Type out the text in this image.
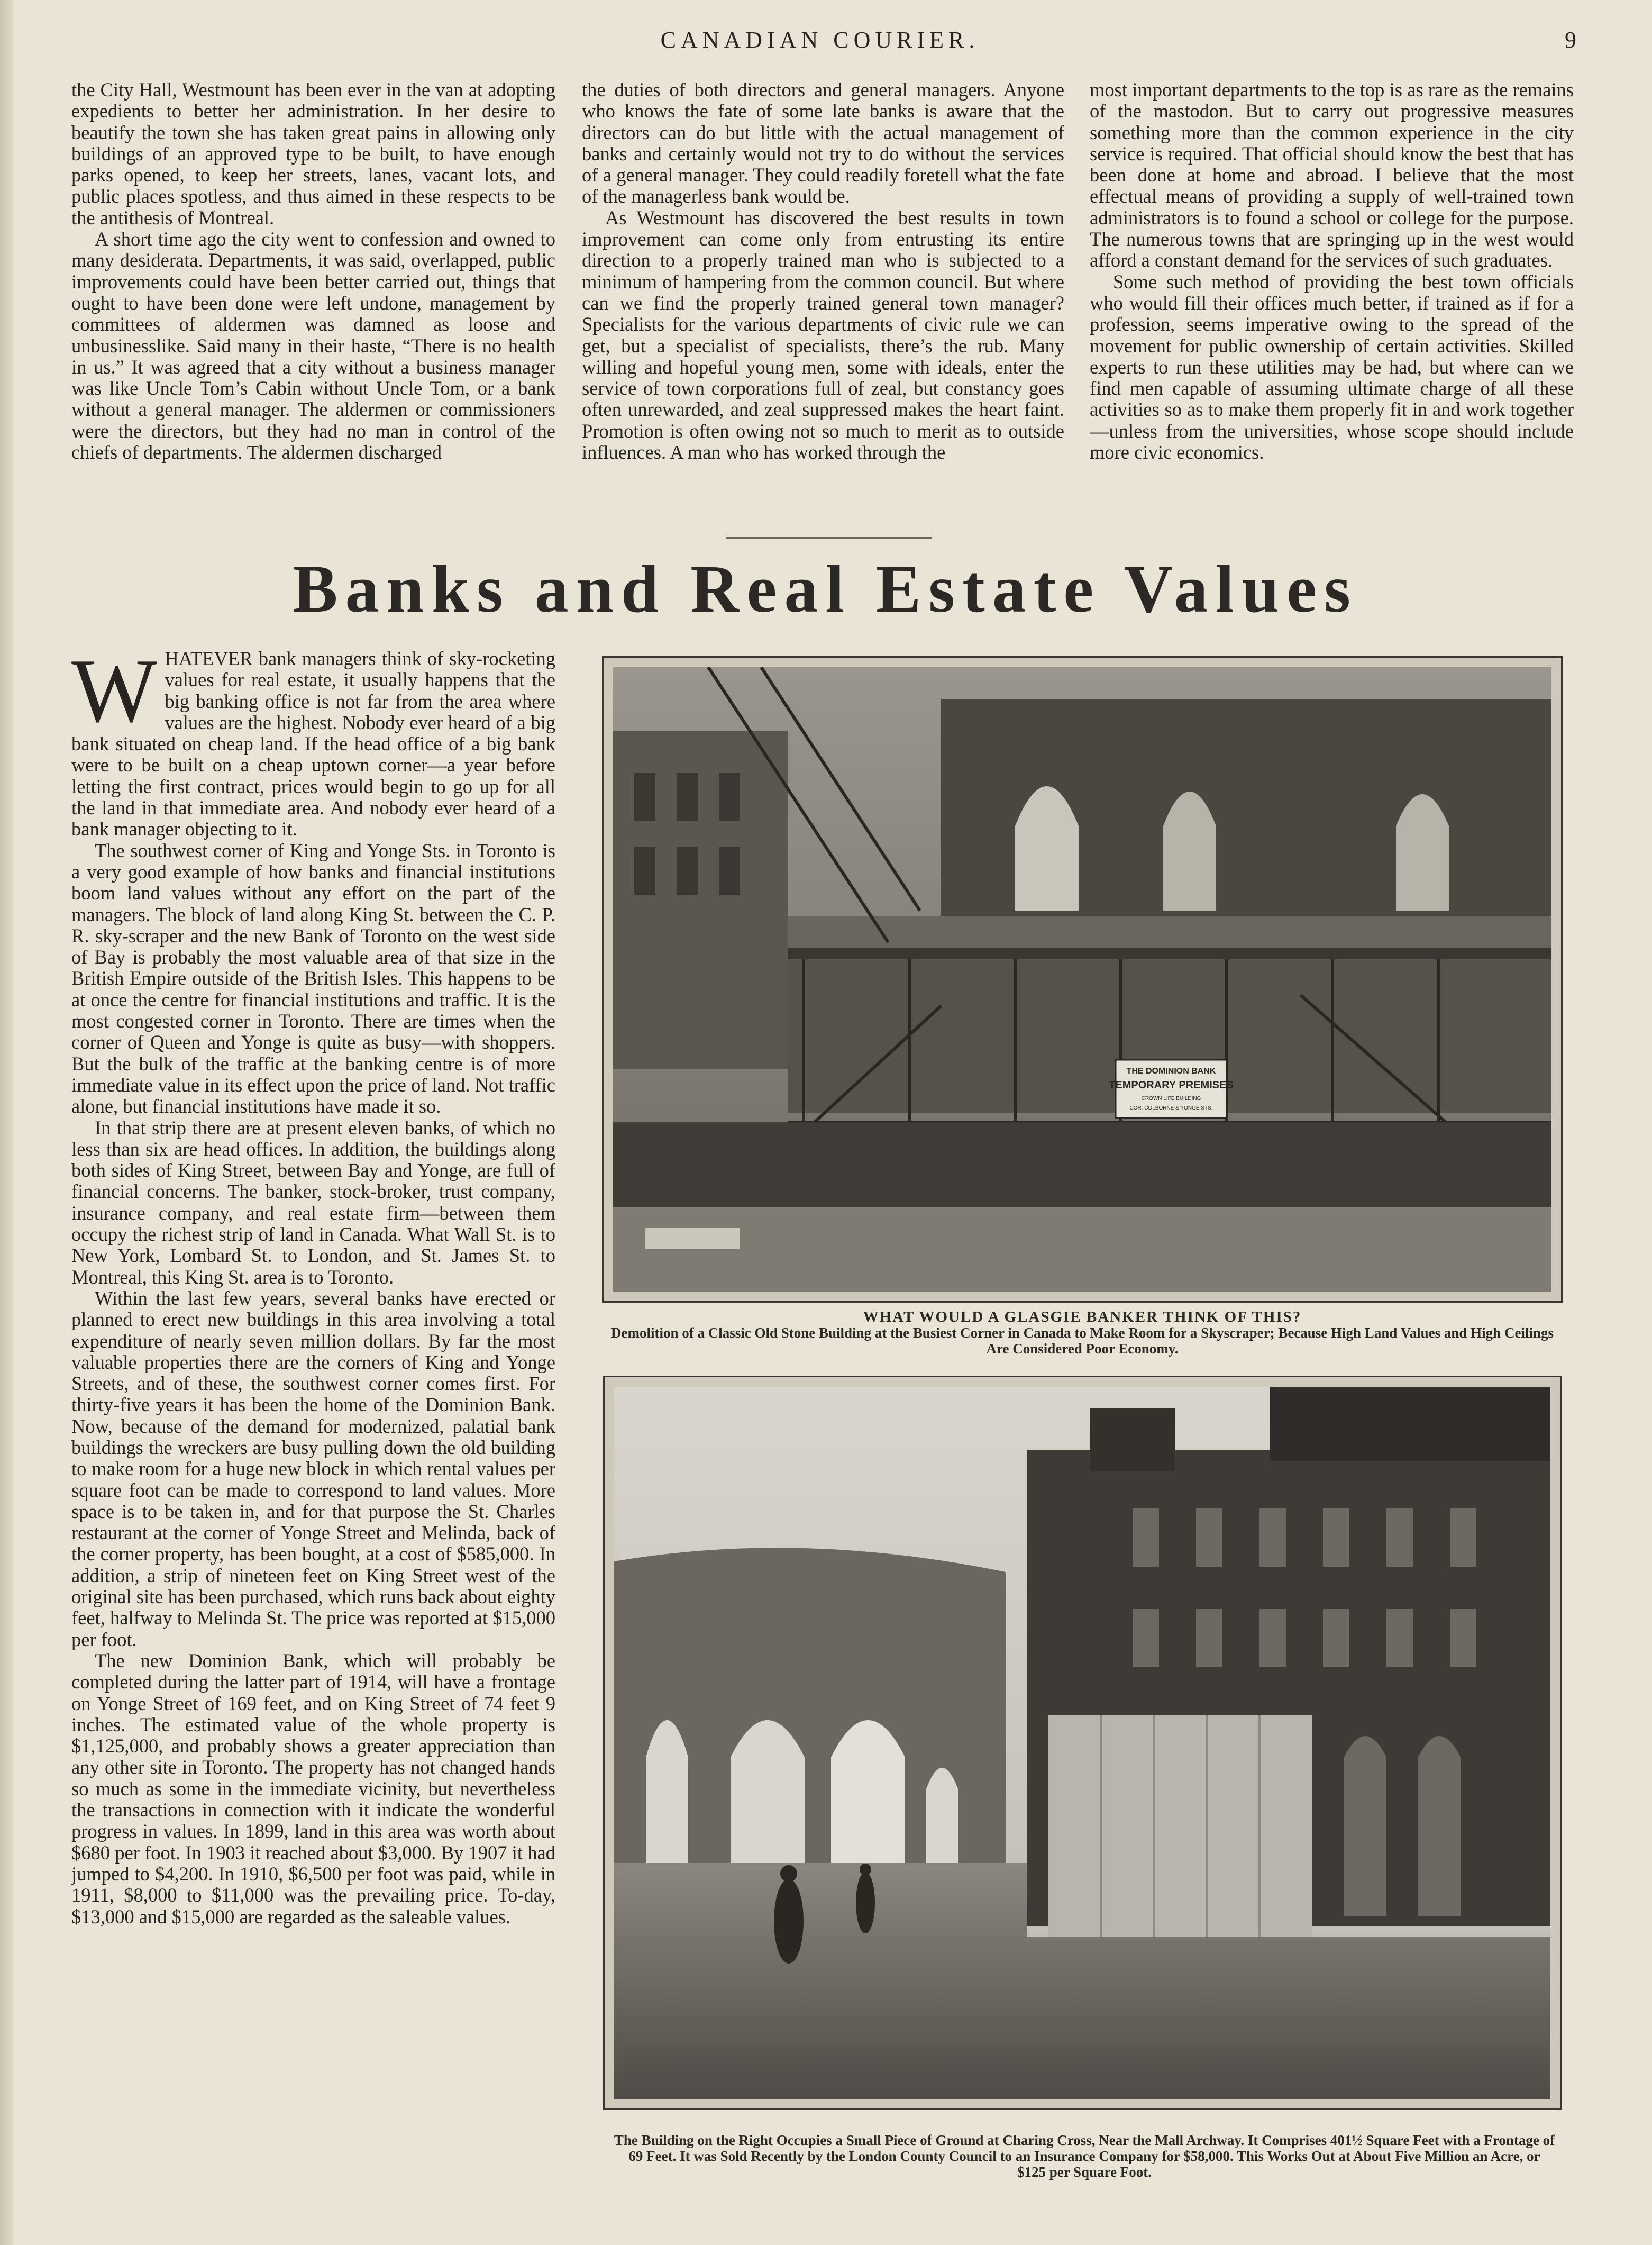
CANADIAN COURIER.	9

the City Hall, Westmount has been ever in the van at adopting expedients to better her administration. In her desire to beautify the town she has taken great pains in allowing only buildings of an approved type to be built, to have enough parks opened, to keep her streets, lanes, vacant lots, and public places spotless, and thus aimed in these respects to be the antithesis of Montreal.

A short time ago the city went to confession and owned to many desiderata. Departments, it was said, overlapped, public improvements could have been better carried out, things that ought to have been done were left undone, management by committees of aldermen was damned as loose and unbusinesslike. Said many in their haste, “There is no health in us.” It was agreed that a city without a business manager was like Uncle Tom’s Cabin without Uncle Tom, or a bank without a general manager. The aldermen or commissioners were the directors, but they had no man in control of the chiefs of departments. The aldermen discharged

the duties of both directors and general managers. Anyone who knows the fate of some late banks is aware that the directors can do but little with the actual management of banks and certainly would not try to do without the services of a general manager. They could readily foretell what the fate of the managerless bank would be.

As Westmount has discovered the best results in town improvement can come only from entrusting its entire direction to a properly trained man who is subjected to a minimum of hampering from the common council. But where can we find the properly trained general town manager? Specialists for the various departments of civic rule we can get, but a specialist of specialists, there’s the rub. Many willing and hopeful young men, some with ideals, enter the service of town corporations full of zeal, but constancy goes often unrewarded, and zeal suppressed makes the heart faint. Promotion is often owing not so much to merit as to outside influences. A man who has worked through the

most important departments to the top is as rare as the remains of the mastodon. But to carry out progressive measures something more than the common experience in the city service is required. That official should know the best that has been done at home and abroad. I believe that the most effectual means of providing a supply of well-trained town administrators is to found a school or college for the purpose. The numerous towns that are springing up in the west would afford a constant demand for the services of such graduates.

Some such method of providing the best town officials who would fill their offices much better, if trained as if for a profession, seems imperative owing to the spread of the movement for public ownership of certain activities. Skilled experts to run these utilities may be had, but where can we find men capable of assuming ultimate charge of all these activities so as to make them properly fit in and work together—unless from the universities, whose scope should include more civic economics.

Banks and Real Estate Values

WHATEVER bank managers think of sky-rocketing values for real estate, it usually happens that the big banking office is not far from the area where values are the highest. Nobody ever heard of a big bank situated on cheap land. If the head office of a big bank were to be built on a cheap uptown corner—a year before letting the first contract, prices would begin to go up for all the land in that immediate area. And nobody ever heard of a bank manager objecting to it.

The southwest corner of King and Yonge Sts. in Toronto is a very good example of how banks and financial institutions boom land values without any effort on the part of the managers. The block of land along King St. between the C. P. R. sky-scraper and the new Bank of Toronto on the west side of Bay is probably the most valuable area of that size in the British Empire outside of the British Isles. This happens to be at once the centre for financial institutions and traffic. It is the most congested corner in Toronto. There are times when the corner of Queen and Yonge is quite as busy—with shoppers. But the bulk of the traffic at the banking centre is of more immediate value in its effect upon the price of land. Not traffic alone, but financial institutions have made it so.

In that strip there are at present eleven banks, of which no less than six are head offices. In addition, the buildings along both sides of King Street, between Bay and Yonge, are full of financial concerns. The banker, stock-broker, trust company, insurance company, and real estate firm—between them occupy the richest strip of land in Canada. What Wall St. is to New York, Lombard St. to London, and St. James St. to Montreal, this King St. area is to Toronto.

Within the last few years, several banks have erected or planned to erect new buildings in this area involving a total expenditure of nearly seven million dollars. By far the most valuable properties there are the corners of King and Yonge Streets, and of these, the southwest corner comes first. For thirty-five years it has been the home of the Dominion Bank. Now, because of the demand for modernized, palatial bank buildings the wreckers are busy pulling down the old building to make room for a huge new block in which rental values per square foot can be made to correspond to land values. More space is to be taken in, and for that purpose the St. Charles restaurant at the corner of Yonge Street and Melinda, back of the corner property, has been bought, at a cost of $585,000. In addition, a strip of nineteen feet on King Street west of the original site has been purchased, which runs back about eighty feet, halfway to Melinda St. The price was reported at $15,000 per foot.

The new Dominion Bank, which will probably be completed during the latter part of 1914, will have a frontage on Yonge Street of 169 feet, and on King Street of 74 feet 9 inches. The estimated value of the whole property is $1,125,000, and probably shows a greater appreciation than any other site in Toronto. The property has not changed hands so much as some in the immediate vicinity, but nevertheless the transactions in connection with it indicate the wonderful progress in values. In 1899, land in this area was worth about $680 per foot. In 1903 it reached about $3,000. By 1907 it had jumped to $4,200. In 1910, $6,500 per foot was paid, while in 1911, $8,000 to $11,000 was the prevailing price. To-day, $13,000 and $15,000 are regarded as the saleable values.

THE DOMINION BANK
TEMPORARY PREMISES
CROWN LIFE BUILDING
COR. COLBORNE & YONGE STS.
WHAT WOULD A GLASGIE BANKER THINK OF THIS?
Demolition of a Classic Old Stone Building at the Busiest Corner in Canada to Make Room for a Skyscraper; Because High Land Values and High Ceilings Are Considered Poor Economy.
The Building on the Right Occupies a Small Piece of Ground at Charing Cross, Near the Mall Archway. It Comprises 401½ Square Feet with a Frontage of 69 Feet. It was Sold Recently by the London County Council to an Insurance Company for $58,000. This Works Out at About Five Million an Acre, or
$125 per Square Foot.
